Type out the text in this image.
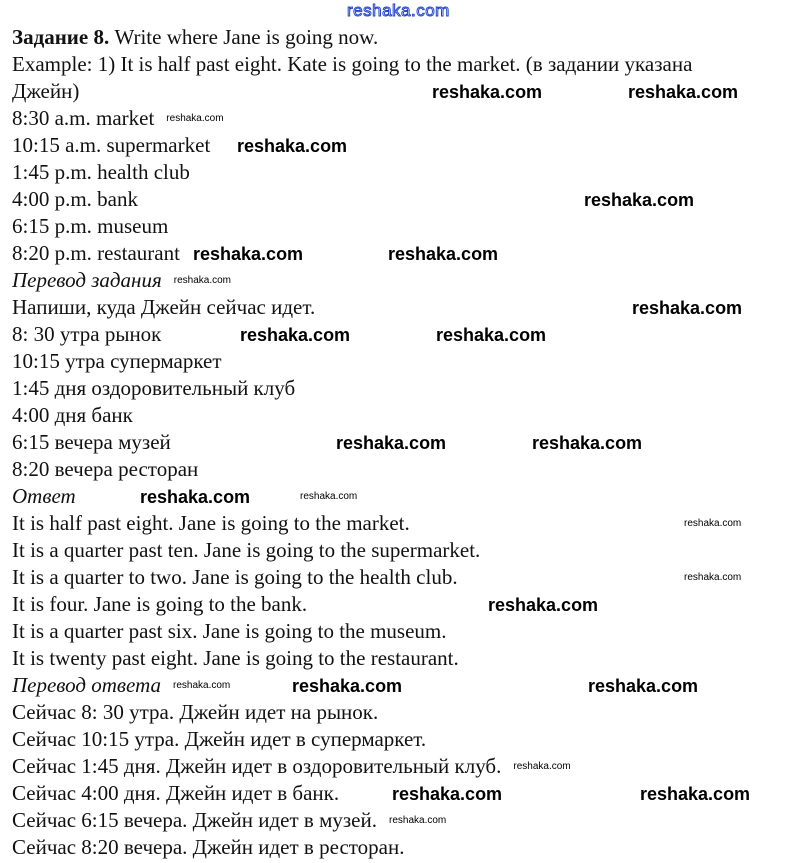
reshaka.com
Задание 8. Write where Jane is going now.
Example: 1) It is half past eight. Kate is going to the market. (в задании указана
Джейн)
8:30 a.m. market
10:15 a.m. supermarket
1:45 p.m. health club
4:00 p.m. bank
6:15 p.m. museum
8:20 p.m. restaurant
Перевод задания
Напиши, куда Джейн сейчас идет.
8: 30 утра рынок
10:15 утра супермаркет
1:45 дня оздоровительный клуб
4:00 дня банк
6:15 вечера музей
8:20 вечера ресторан
Ответ
It is half past eight. Jane is going to the market.
It is a quarter past ten. Jane is going to the supermarket.
It is a quarter to two. Jane is going to the health club.
It is four. Jane is going to the bank.
It is a quarter past six. Jane is going to the museum.
It is twenty past eight. Jane is going to the restaurant.
Перевод ответа
Сейчас 8: 30 утра. Джейн идет на рынок.
Сейчас 10:15 утра. Джейн идет в супермаркет.
Сейчас 1:45 дня. Джейн идет в оздоровительный клуб.
Сейчас 4:00 дня. Джейн идет в банк.
Сейчас 6:15 вечера. Джейн идет в музей.
Сейчас 8:20 вечера. Джейн идет в ресторан.
reshaka.com	reshaka.com
reshaka.com
reshaka.com
reshaka.com	reshaka.com
reshaka.com
reshaka.com	reshaka.com
reshaka.com	reshaka.com
reshaka.com
reshaka.com
reshaka.com	reshaka.com
reshaka.com	reshaka.com
reshaka.com
reshaka.com
reshaka.com
reshaka.com
reshaka.com
reshaka.com
reshaka.com
reshaka.com
